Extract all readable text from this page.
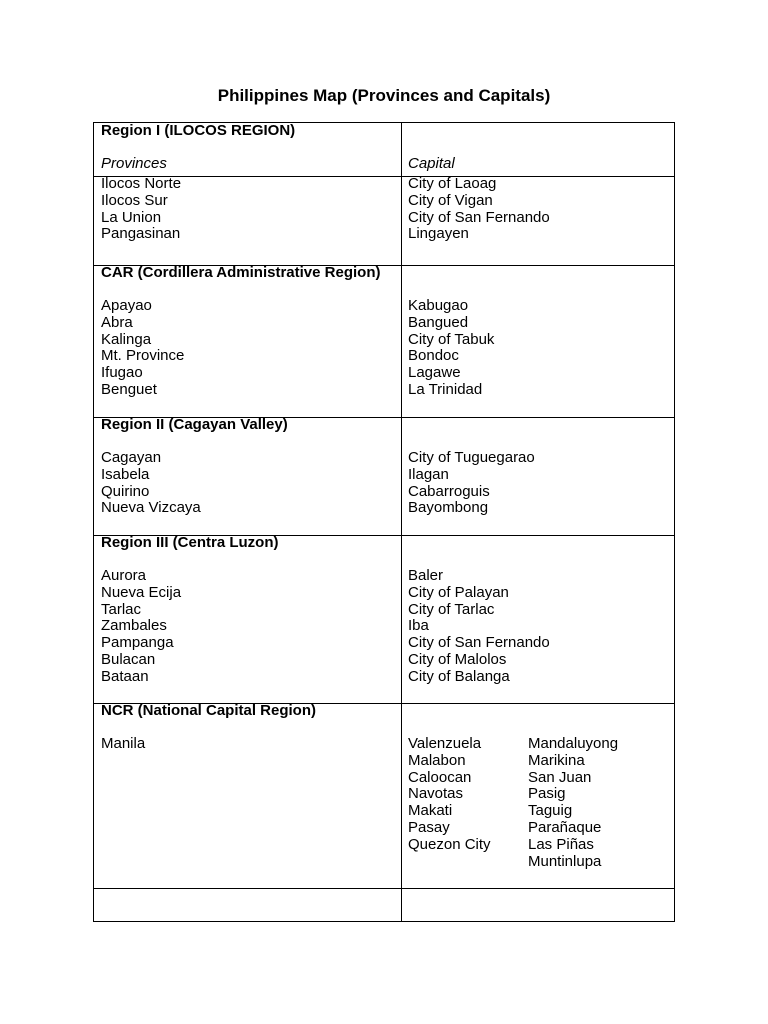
Philippines Map (Provinces and Capitals)
Region I (ILOCOS REGION)
Provinces	Capital
Ilocos Norte
Ilocos Sur
La Union
Pangasinan
City of Laoag
City of Vigan
City of San Fernando
Lingayen
CAR (Cordillera Administrative Region)
Apayao
Abra
Kalinga
Mt. Province
Ifugao
Benguet
Kabugao
Bangued
City of Tabuk
Bondoc
Lagawe
La Trinidad
Region II (Cagayan Valley)
Cagayan
Isabela
Quirino
Nueva Vizcaya
City of Tuguegarao
Ilagan
Cabarroguis
Bayombong
Region III (Centra Luzon)
Aurora
Nueva Ecija
Tarlac
Zambales
Pampanga
Bulacan
Bataan
Baler
City of Palayan
City of Tarlac
Iba
City of San Fernando
City of Malolos
City of Balanga
NCR (National Capital Region)
Manila	Valenzuela
Malabon
Caloocan
Navotas
Makati
Pasay
Quezon City
Mandaluyong
Marikina
San Juan
Pasig
Taguig
Parañaque
Las Piñas
Muntinlupa
